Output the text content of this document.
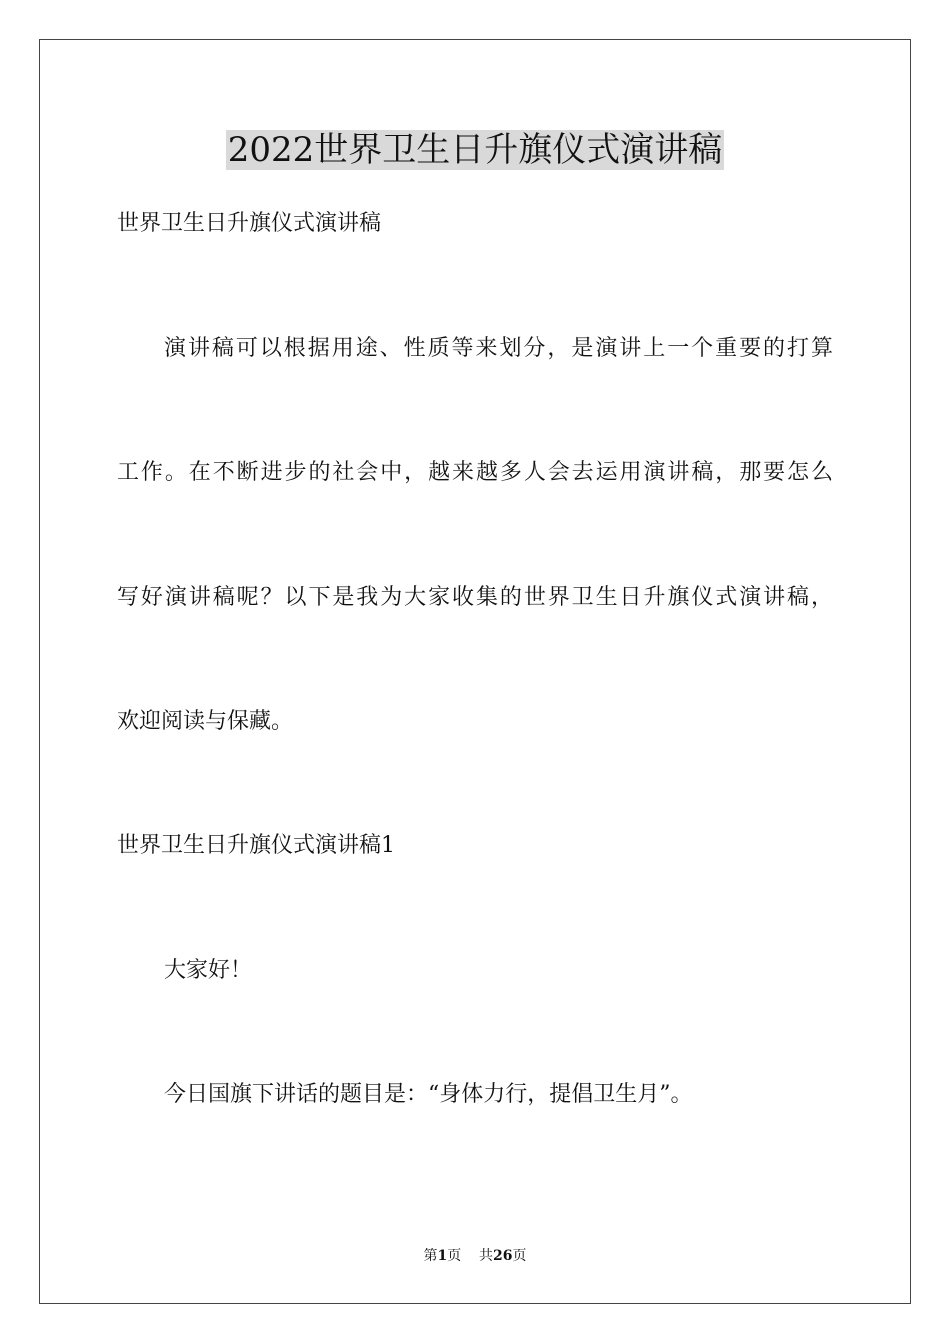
2022世界卫生日升旗仪式演讲稿

世界卫生日升旗仪式演讲稿

演讲稿可以根据用途、性质等来划分，是演讲上一个重要的打算

工作。在不断进步的社会中，越来越多人会去运用演讲稿，那要怎么

写好演讲稿呢？以下是我为大家收集的世界卫生日升旗仪式演讲稿，

欢迎阅读与保藏。

世界卫生日升旗仪式演讲稿1

大家好！

今日国旗下讲话的题目是：“身体力行，提倡卫生月”。

第1页 共26页
